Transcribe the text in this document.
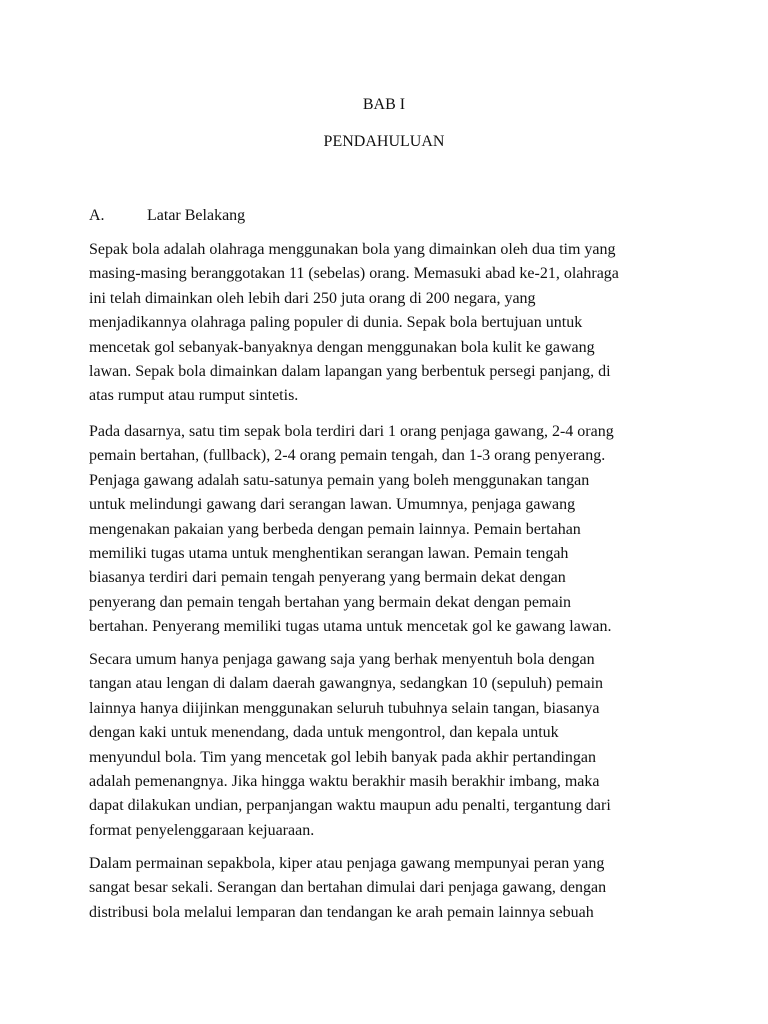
BAB I
PENDAHULUAN
A.	Latar Belakang

Sepak bola adalah olahraga menggunakan bola yang dimainkan oleh dua tim yang
masing-masing beranggotakan 11 (sebelas) orang. Memasuki abad ke-21, olahraga
ini telah dimainkan oleh lebih dari 250 juta orang di 200 negara, yang
menjadikannya olahraga paling populer di dunia. Sepak bola bertujuan untuk
mencetak gol sebanyak-banyaknya dengan menggunakan bola kulit ke gawang
lawan. Sepak bola dimainkan dalam lapangan yang berbentuk persegi panjang, di
atas rumput atau rumput sintetis.

Pada dasarnya, satu tim sepak bola terdiri dari 1 orang penjaga gawang, 2-4 orang
pemain bertahan, (fullback), 2-4 orang pemain tengah, dan 1-3 orang penyerang.
Penjaga gawang adalah satu-satunya pemain yang boleh menggunakan tangan
untuk melindungi gawang dari serangan lawan. Umumnya, penjaga gawang
mengenakan pakaian yang berbeda dengan pemain lainnya. Pemain bertahan
memiliki tugas utama untuk menghentikan serangan lawan. Pemain tengah
biasanya terdiri dari pemain tengah penyerang yang bermain dekat dengan
penyerang dan pemain tengah bertahan yang bermain dekat dengan pemain
bertahan. Penyerang memiliki tugas utama untuk mencetak gol ke gawang lawan.

Secara umum hanya penjaga gawang saja yang berhak menyentuh bola dengan
tangan atau lengan di dalam daerah gawangnya, sedangkan 10 (sepuluh) pemain
lainnya hanya diijinkan menggunakan seluruh tubuhnya selain tangan, biasanya
dengan kaki untuk menendang, dada untuk mengontrol, dan kepala untuk
menyundul bola. Tim yang mencetak gol lebih banyak pada akhir pertandingan
adalah pemenangnya. Jika hingga waktu berakhir masih berakhir imbang, maka
dapat dilakukan undian, perpanjangan waktu maupun adu penalti, tergantung dari
format penyelenggaraan kejuaraan.

Dalam permainan sepakbola, kiper atau penjaga gawang mempunyai peran yang
sangat besar sekali. Serangan dan bertahan dimulai dari penjaga gawang, dengan
distribusi bola melalui lemparan dan tendangan ke arah pemain lainnya sebuah
